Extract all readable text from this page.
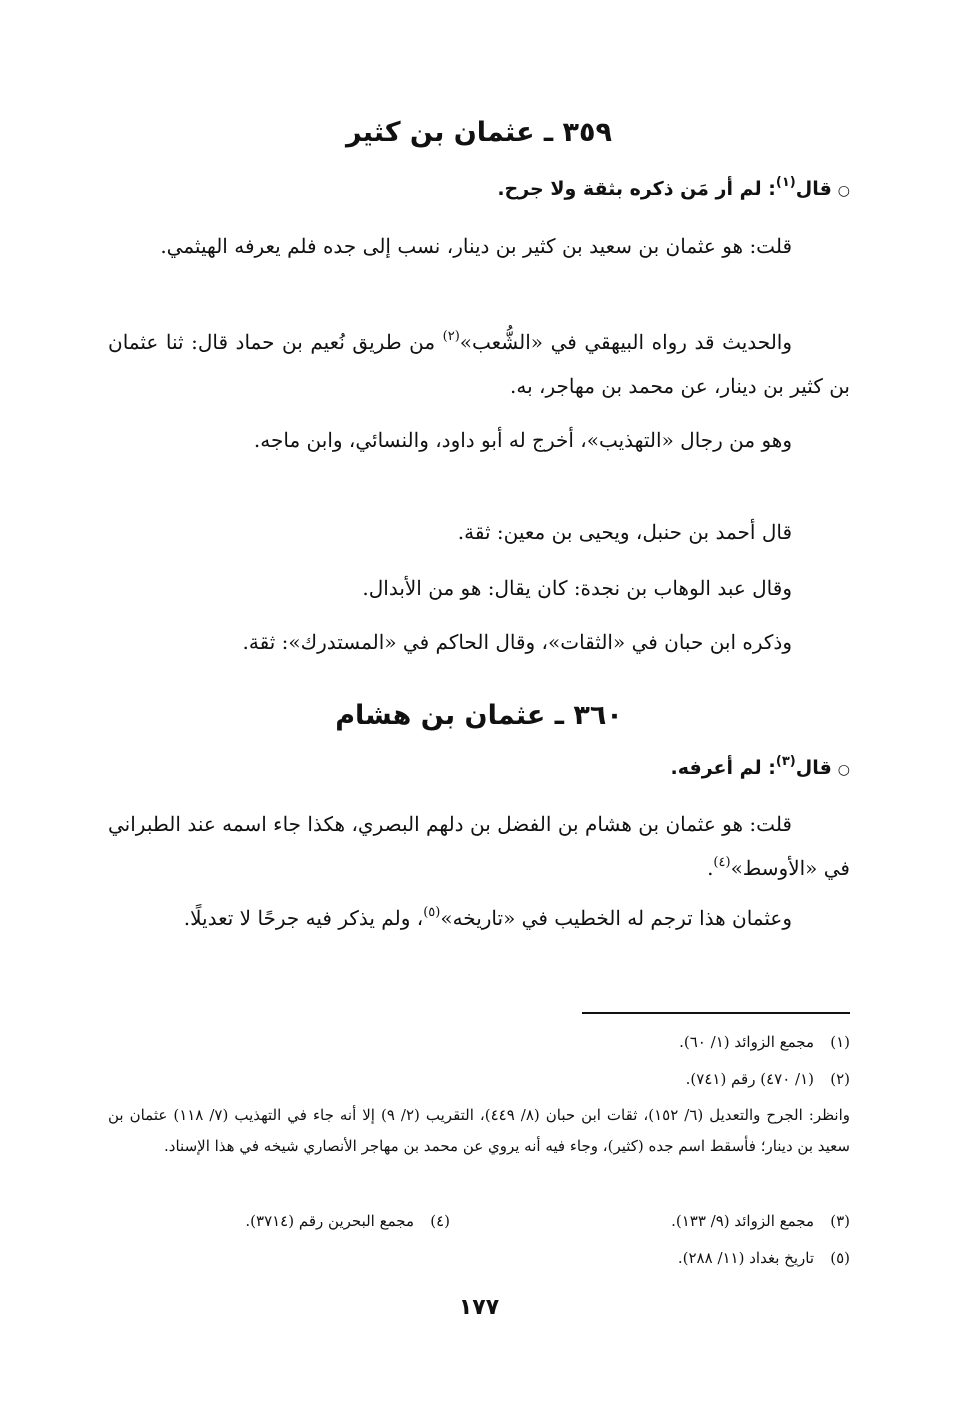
٣٥٩ ـ عثمان بن كثير
○قال$^{(١)}$: لم أر مَن ذكره بثقة ولا جرح.
قلت: هو عثمان بن سعيد بن كثير بن دينار، نسب إلى جده فلم يعرفه الهيثمي.
والحديث قد رواه البيهقي في «الشُّعب»$^{(٢)}$ من طريق نُعيم بن حماد قال: ثنا عثمان بن كثير بن دينار، عن محمد بن مهاجر، به.
وهو من رجال «التهذيب»، أخرج له أبو داود، والنسائي، وابن ماجه.
قال أحمد بن حنبل، ويحيى بن معين: ثقة.
وقال عبد الوهاب بن نجدة: كان يقال: هو من الأبدال.
وذكره ابن حبان في «الثقات»، وقال الحاكم في «المستدرك»: ثقة.
٣٦٠ ـ عثمان بن هشام
○قال$^{(٣)}$: لم أعرفه.
قلت: هو عثمان بن هشام بن الفضل بن دلهم البصري، هكذا جاء اسمه عند الطبراني في «الأوسط»$^{(٤)}$.
وعثمان هذا ترجم له الخطيب في «تاريخه»$^{(٥)}$، ولم يذكر فيه جرحًا لا تعديلًا.
(١)مجمع الزوائد (١/ ٦٠).
(٢)(١/ ٤٧٠) رقم (٧٤١).
وانظر: الجرح والتعديل (٦/ ١٥٢)، ثقات ابن حبان (٨/ ٤٤٩)، التقريب (٢/ ٩) إلا أنه جاء في التهذيب (٧/ ١١٨) عثمان بن سعيد بن دينار؛ فأسقط اسم جده (كثير)، وجاء فيه أنه يروي عن محمد بن مهاجر الأنصاري شيخه في هذا الإسناد.
(٣)مجمع الزوائد (٩/ ١٣٣).
(٤)مجمع البحرين رقم (٣٧١٤).
(٥)تاريخ بغداد (١١/ ٢٨٨).
١٧٧
